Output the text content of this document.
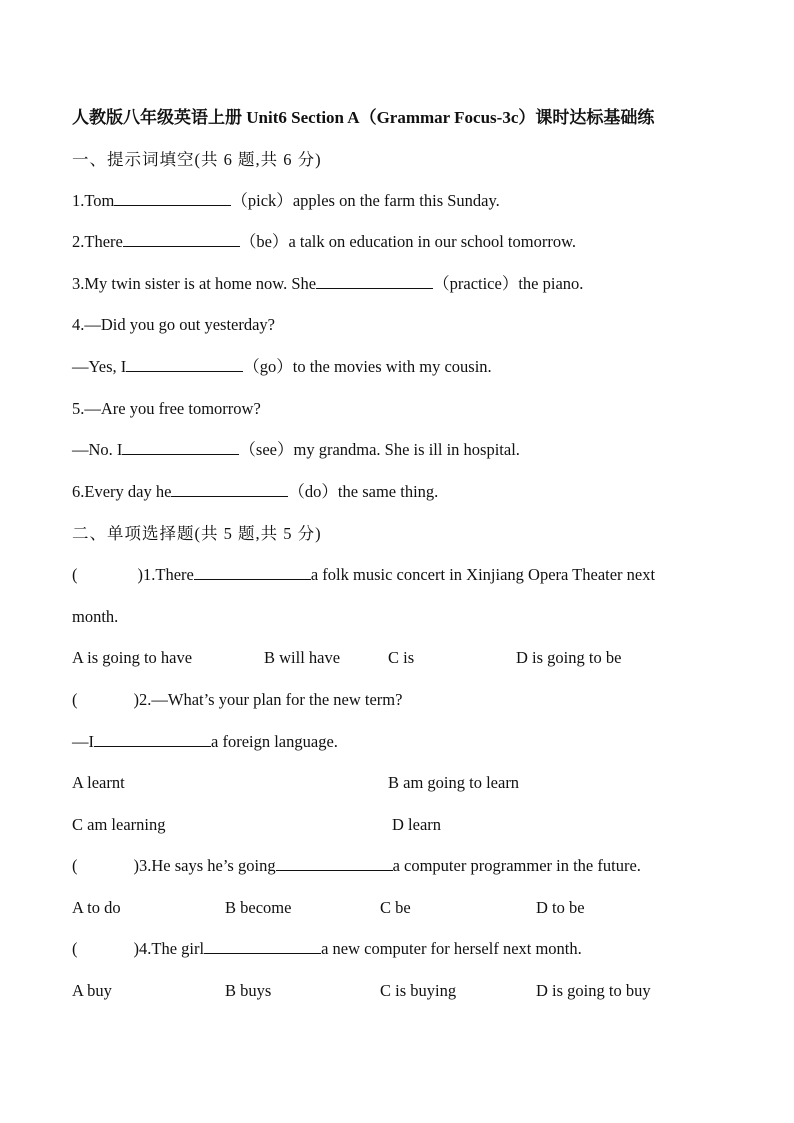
人教版八年级英语上册 Unit6 Section A（Grammar Focus-3c）课时达标基础练

一、提示词填空(共 6 题,共 6 分)

1.Tom	（pick）apples on the farm this Sunday.

2.There	（be）a talk on education in our school tomorrow.

3.My twin sister is at home now. She	（practice）the piano.

4.—Did you go out yesterday?

—Yes, I	（go）to the movies with my cousin.

5.—Are you free tomorrow?

—No. I	（see）my grandma. She is ill in hospital.

6.Every day he	（do）the same thing.

二、单项选择题(共 5 题,共 5 分)

(	)1.There	a folk music concert in Xinjiang Opera Theater next

month.

A is going to have	B will have	C is	D is going to be

(	)2.—What’s your plan for the new term?

—I	a foreign language.

A learnt	B am going to learn
C am learning	D learn

(	)3.He says he’s going	a computer programmer in the future.

A to do	B become	C be	D to be

(	)4.The girl	a new computer for herself next month.

A buy	B buys	C is buying	D is going to buy
